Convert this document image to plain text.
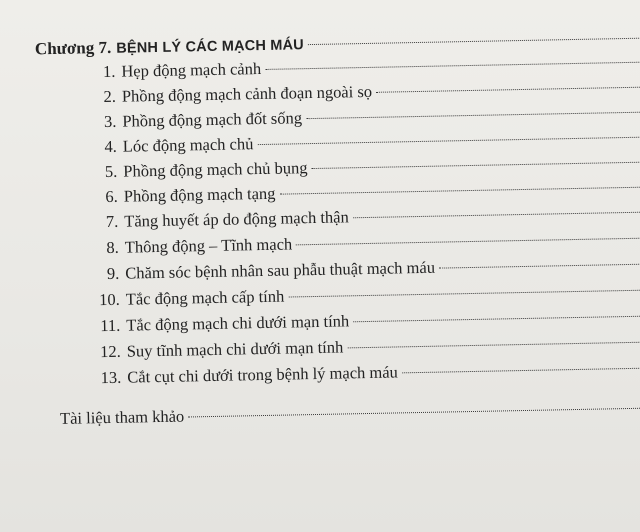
Chương 7. BỆNH LÝ CÁC MẠCH MÁU
1. Hẹp động mạch cảnh
2. Phồng động mạch cảnh đoạn ngoài sọ
3. Phồng động mạch đốt sống
4. Lóc động mạch chủ
5. Phồng động mạch chủ bụng
6. Phồng động mạch tạng
7. Tăng huyết áp do động mạch thận
8. Thông động – Tĩnh mạch
9. Chăm sóc bệnh nhân sau phẫu thuật mạch máu
10. Tắc động mạch cấp tính
11. Tắc động mạch chi dưới mạn tính
12. Suy tĩnh mạch chi dưới mạn tính
13. Cắt cụt chi dưới trong bệnh lý mạch máu
Tài liệu tham khảo
